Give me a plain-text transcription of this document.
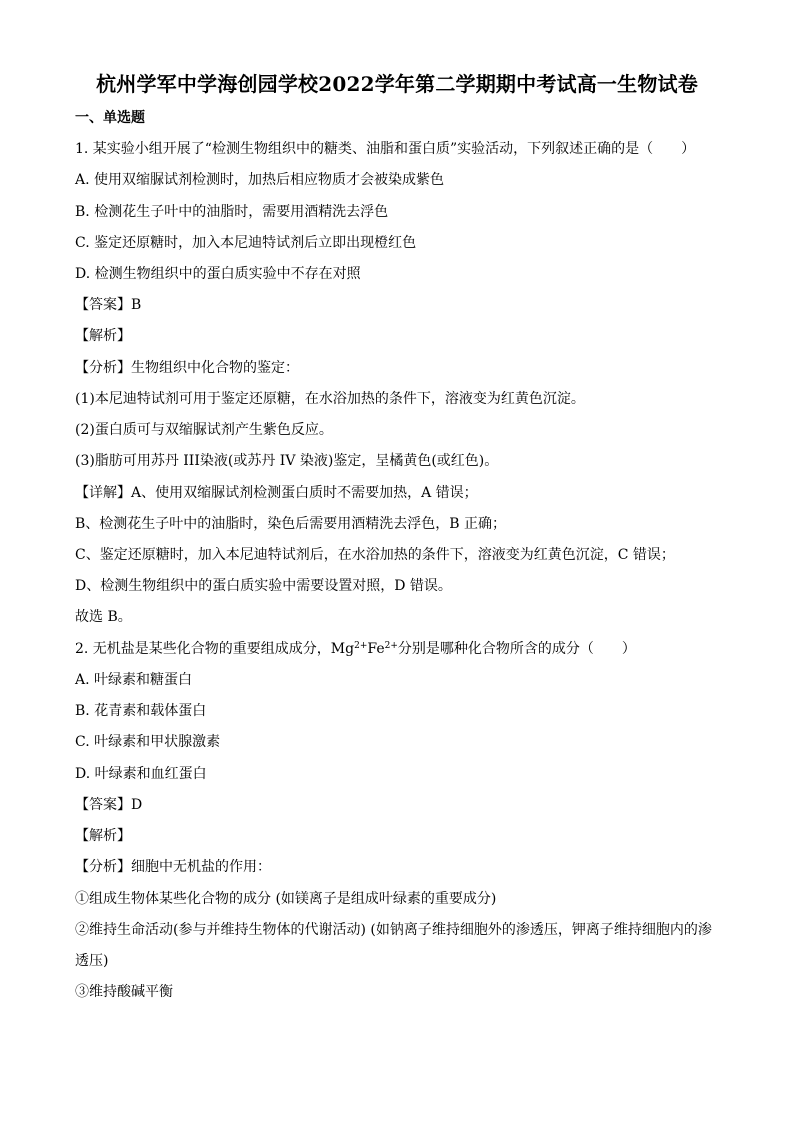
杭州学军中学海创园学校2022学年第二学期期中考试高一生物试卷
一、单选题
1. 某实验小组开展了“检测生物组织中的糖类、油脂和蛋白质”实验活动，下列叙述正确的是（　　）
A. 使用双缩脲试剂检测时，加热后相应物质才会被染成紫色
B. 检测花生子叶中的油脂时，需要用酒精洗去浮色
C. 鉴定还原糖时，加入本尼迪特试剂后立即出现橙红色
D. 检测生物组织中的蛋白质实验中不存在对照
【答案】B
【解析】
【分析】生物组织中化合物的鉴定：
(1)本尼迪特试剂可用于鉴定还原糖，在水浴加热的条件下，溶液变为红黄色沉淀。
(2)蛋白质可与双缩脲试剂产生紫色反应。
(3)脂肪可用苏丹 III染液(或苏丹 IV 染液)鉴定，呈橘黄色(或红色)。
【详解】A、使用双缩脲试剂检测蛋白质时不需要加热，A 错误；
B、检测花生子叶中的油脂时，染色后需要用酒精洗去浮色，B 正确；
C、鉴定还原糖时，加入本尼迪特试剂后，在水浴加热的条件下，溶液变为红黄色沉淀，C 错误；
D、检测生物组织中的蛋白质实验中需要设置对照，D 错误。
故选 B。
2. 无机盐是某些化合物的重要组成成分，$Mg^{2+}Fe^{2+}$分别是哪种化合物所含的成分（　　）
A. 叶绿素和糖蛋白
B. 花青素和载体蛋白
C. 叶绿素和甲状腺激素
D. 叶绿素和血红蛋白
【答案】D
【解析】
【分析】细胞中无机盐的作用：
①组成生物体某些化合物的成分 (如镁离子是组成叶绿素的重要成分)
②维持生命活动(参与并维持生物体的代谢活动) (如钠离子维持细胞外的渗透压，钾离子维持细胞内的渗
透压)
③维持酸碱平衡
